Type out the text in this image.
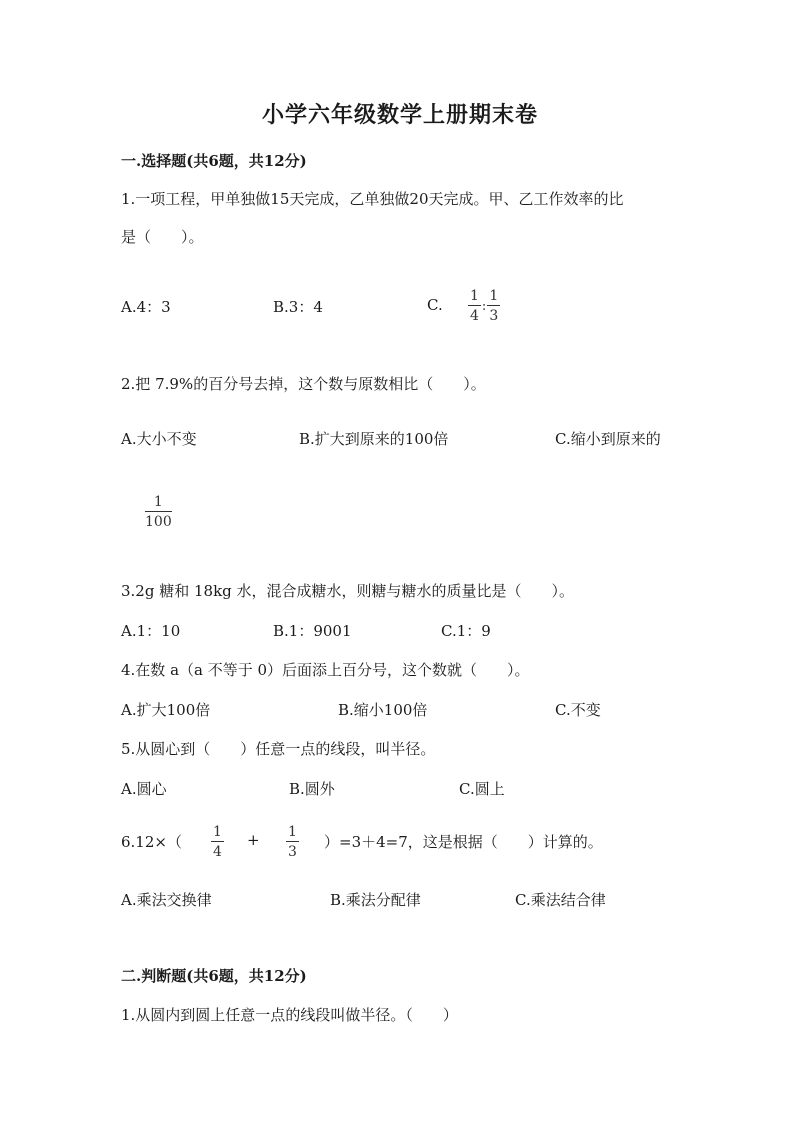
小学六年级数学上册期末卷
一.选择题(共6题，共12分)
1.一项工程，甲单独做15天完成，乙单独做20天完成。甲、乙工作效率的比
是（　　）。
A.4：3	B.3：4	C. $\frac{1}{4}$ : $\frac{1}{3}$
2.把 7.9%的百分号去掉，这个数与原数相比（　　）。
A.大小不变	B.扩大到原来的100倍	C.缩小到原来的
1
100
3.2g 糖和 18kg 水，混合成糖水，则糖与糖水的质量比是（　　）。
A.1：10	B.1：9001	C.1：9
4.在数 a（a 不等于 0）后面添上百分号，这个数就（　　）。
A.扩大100倍	B.缩小100倍	C.不变
5.从圆心到（　　）任意一点的线段，叫半径。
A.圆心	B.圆外	C.圆上
6.12×（
1
4
+ 1
3
）=3＋4=7，这是根据（　　）计算的。
A.乘法交换律	B.乘法分配律	C.乘法结合律
二.判断题(共6题，共12分)
1.从圆内到圆上任意一点的线段叫做半径。（　　）
